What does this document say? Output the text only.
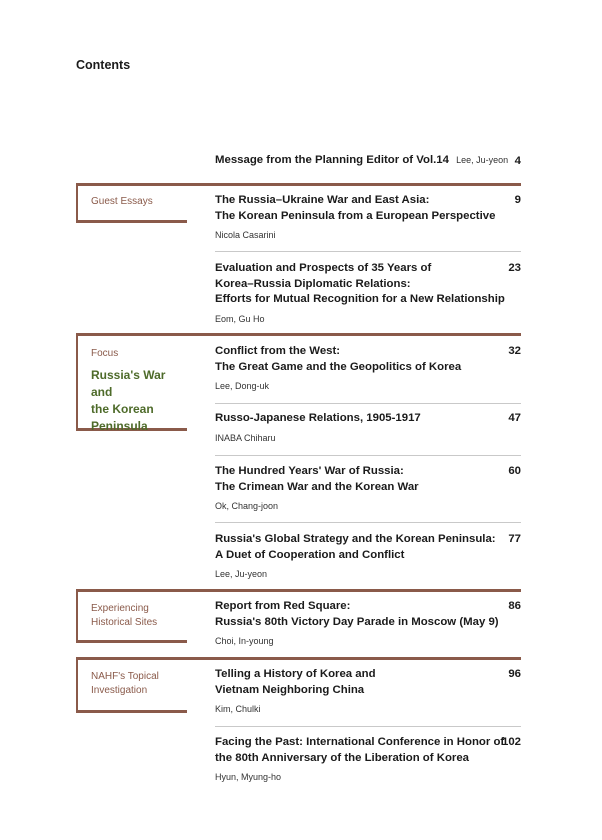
Contents
Message from the Planning Editor of Vol.14 Lee, Ju-yeon 4
Guest Essays	The Russia–Ukraine War and East Asia:
The Korean Peninsula from a European Perspective
Nicola Casarini
9
Evaluation and Prospects of 35 Years of
Korea–Russia Diplomatic Relations:
Efforts for Mutual Recognition for a New Relationship
Eom, Gu Ho
23
Focus
Russia's War and
the Korean
Peninsula
Conflict from the West:
The Great Game and the Geopolitics of Korea
Lee, Dong-uk
32
Russo-Japanese Relations, 1905-1917
INABA Chiharu
47
The Hundred Years' War of Russia:
The Crimean War and the Korean War
Ok, Chang-joon
60
Russia's Global Strategy and the Korean Peninsula:
A Duet of Cooperation and Conflict
Lee, Ju-yeon
77
Experiencing
Historical Sites
Report from Red Square:
Russia's 80th Victory Day Parade in Moscow (May 9)
Choi, In-young
86
NAHF's Topical
Investigation
Telling a History of Korea and
Vietnam Neighboring China
Kim, Chulki
96
Facing the Past: International Conference in Honor of
the 80th Anniversary of the Liberation of Korea
Hyun, Myung-ho
102
